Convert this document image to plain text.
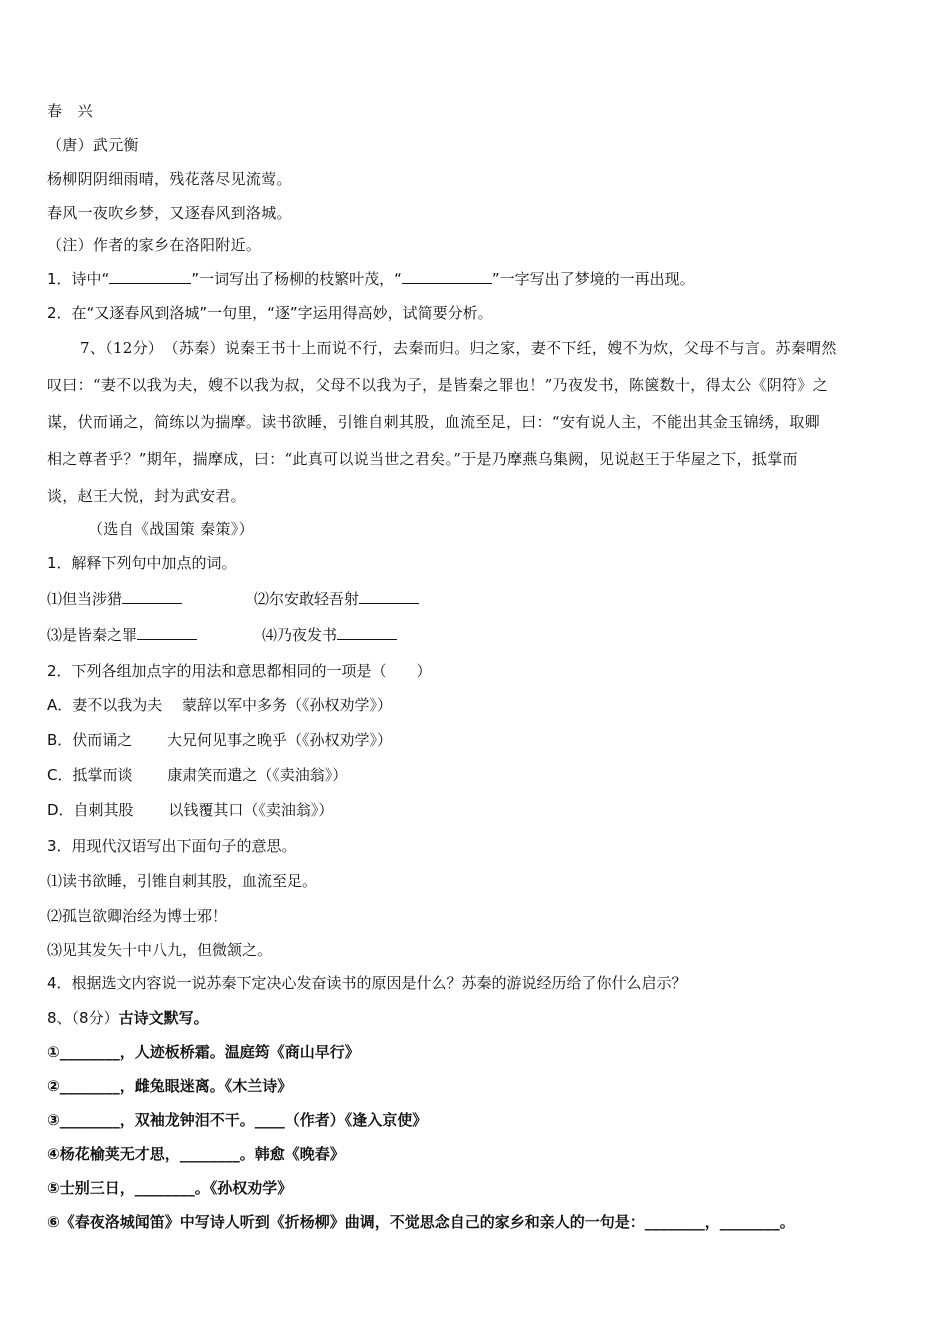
春　兴
（唐）武元衡
杨柳阴阴细雨晴，残花落尽见流莺。
春风一夜吹乡梦，又逐春风到洛城。
（注）作者的家乡在洛阳附近。
1．诗中“	”一词写出了杨柳的枝繁叶茂，“	”一字写出了梦境的一再出现。
2．在“又逐春风到洛城”一句里，“逐”字运用得高妙，试简要分析。
7、（12分）　（苏秦）说秦王书十上而说不行，去秦而归。归之家，妻不下纴，嫂不为炊，父母不与言。苏秦喟然
叹曰：“妻不以我为夫，嫂不以我为叔，父母不以我为子，是皆秦之罪也！”乃夜发书，陈箧数十，得太公《阴符》之
谋，伏而诵之，简练以为揣摩。读书欲睡，引锥自刺其股，血流至足，曰：“安有说人主，不能出其金玉锦绣，取卿
相之尊者乎？”期年，揣摩成，曰：“此真可以说当世之君矣。”于是乃摩燕乌集阙，见说赵王于华屋之下，抵掌而
谈，赵王大悦，封为武安君。
（选自《战国策 秦策》）
1．解释下列句中加点的词。
⑴但当涉猎	⑵尔安敢轻吾射
⑶是皆秦之罪	⑷乃夜发书
2．下列各组加点字的用法和意思都相同的一项是（　　）
A．妻不以我为夫　 蒙辞以军中多务（《孙权劝学》）
B．伏而诵之　　 大兄何见事之晚乎（《孙权劝学》）
C．抵掌而谈　　 康肃笑而遣之（《卖油翁》）
D．自刺其股　　 以钱覆其口（《卖油翁》）
3．用现代汉语写出下面句子的意思。
⑴读书欲睡，引锥自刺其股，血流至足。
⑵孤岂欲卿治经为博士邪！
⑶见其发矢十中八九，但微颔之。
4．根据选文内容说一说苏秦下定决心发奋读书的原因是什么？苏秦的游说经历给了你什么启示？
8、（8分）古诗文默写。
①________，人迹板桥霜。温庭筠《商山早行》
②________，雌兔眼迷离。《木兰诗》
③________，双袖龙钟泪不干。____（作者）《逢入京使》
④杨花榆荚无才思，________。韩愈《晚春》
⑤士别三日，________。《孙权劝学》
⑥《春夜洛城闻笛》中写诗人听到《折杨柳》曲调，不觉思念自己的家乡和亲人的一句是：________，________。
